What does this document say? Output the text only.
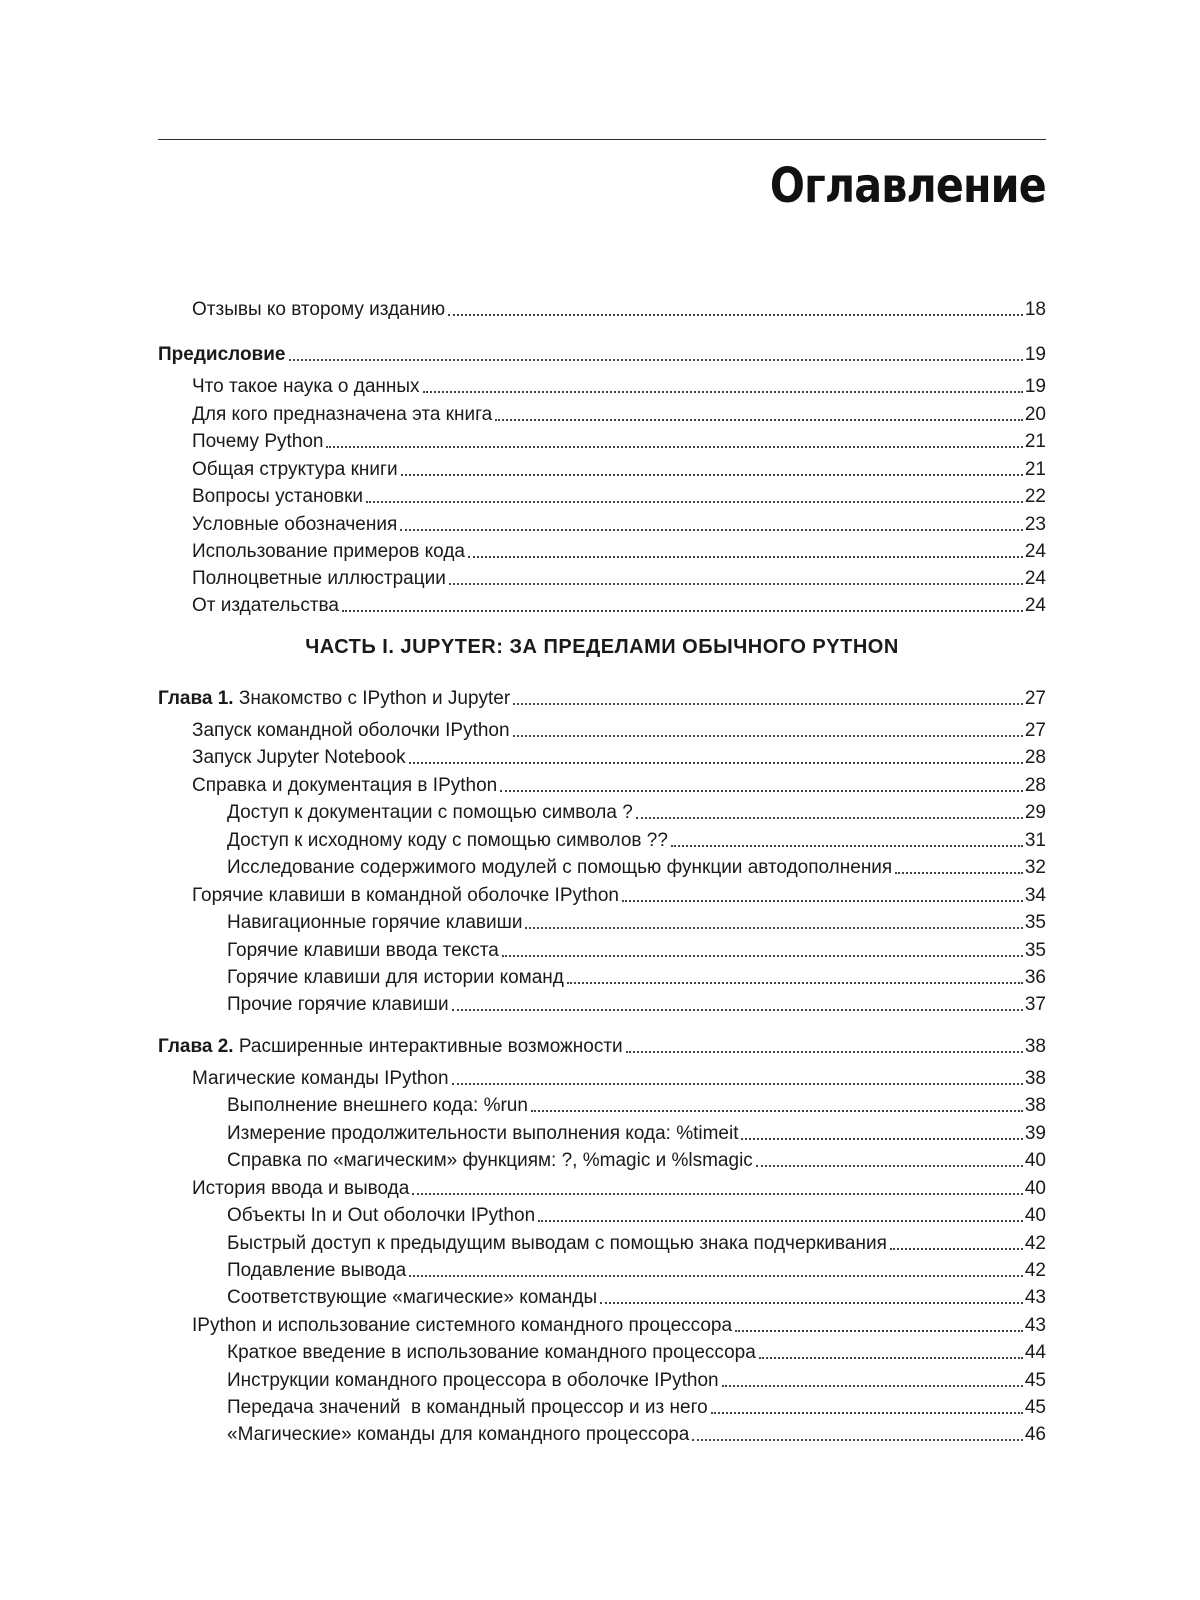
Оглавление
Отзывы ко второму изданию	18
Предисловие	19
Что такое наука о данных	19
Для кого предназначена эта книга	20
Почему Python	21
Общая структура книги	21
Вопросы установки	22
Условные обозначения	23
Использование примеров кода	24
Полноцветные иллюстрации	24
От издательства	24
ЧАСТЬ I. JUPYTER: ЗА ПРЕДЕЛАМИ ОБЫЧНОГО PYTHON
Глава 1. Знакомство с IPython и Jupyter	27
Запуск командной оболочки IPython	27
Запуск Jupyter Notebook	28
Справка и документация в IPython	28
Доступ к документации с помощью символа ?	29
Доступ к исходному коду с помощью символов ??	31
Исследование содержимого модулей с помощью функции автодополнения	32
Горячие клавиши в командной оболочке IPython	34
Навигационные горячие клавиши	35
Горячие клавиши ввода текста	35
Горячие клавиши для истории команд	36
Прочие горячие клавиши	37
Глава 2. Расширенные интерактивные возможности	38
Магические команды IPython	38
Выполнение внешнего кода: %run	38
Измерение продолжительности выполнения кода: %timeit	39
Справка по «магическим» функциям: ?, %magic и %lsmagic	40
История ввода и вывода	40
Объекты In и Out оболочки IPython	40
Быстрый доступ к предыдущим выводам с помощью знака подчеркивания	42
Подавление вывода	42
Соответствующие «магические» команды	43
IPython и использование системного командного процессора	43
Краткое введение в использование командного процессора	44
Инструкции командного процессора в оболочке IPython	45
Передача значений  в командный процессор и из него	45
«Магические» команды для командного процессора	46
